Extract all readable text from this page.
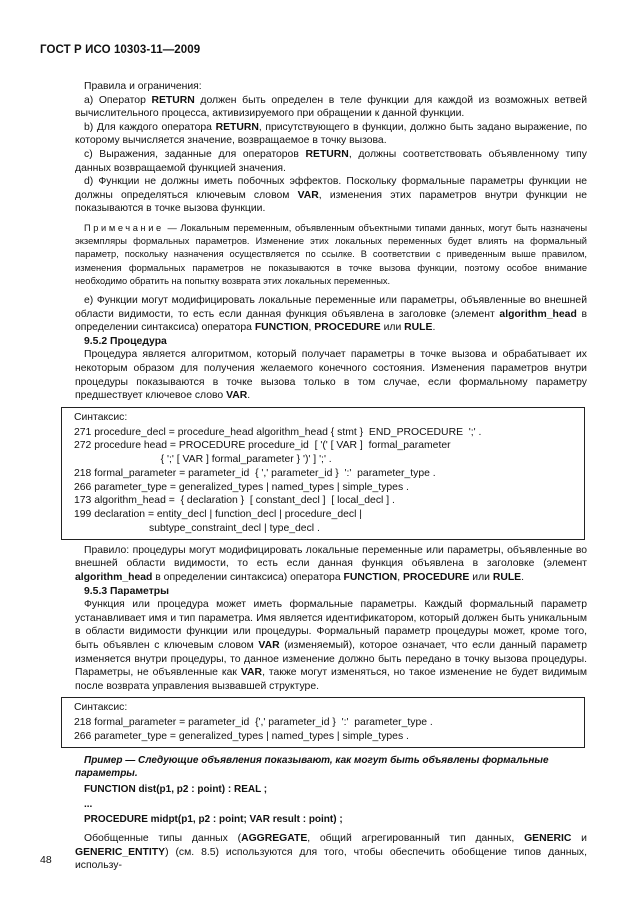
ГОСТ Р ИСО 10303-11—2009

Правила и ограничения:

а) Оператор RETURN должен быть определен в теле функции для каждой из возможных ветвей вычислительного процесса, активизируемого при обращении к данной функции.

b) Для каждого оператора RETURN, присутствующего в функции, должно быть задано выражение, по которому вычисляется значение, возвращаемое в точку вызова.

с) Выражения, заданные для операторов RETURN, должны соответствовать объявленному типу данных возвращаемой функцией значения.

d) Функции не должны иметь побочных эффектов. Поскольку формальные параметры функции не должны определяться ключевым словом VAR, изменения этих параметров внутри функции не показываются в точке вызова функции.

Примечание — Локальным переменным, объявленным объектными типами данных, могут быть назначены экземпляры формальных параметров. Изменение этих локальных переменных будет влиять на формальный параметр, поскольку назначения осуществляется по ссылке. В соответствии с приведенным выше правилом, изменения формальных параметров не показываются в точке вызова функции, поэтому особое внимание необходимо обратить на попытку возврата этих локальных переменных.

е) Функции могут модифицировать локальные переменные или параметры, объявленные во внешней области видимости, то есть если данная функция объявлена в заголовке (элемент algorithm_head в определении синтаксиса) оператора FUNCTION, PROCEDURE или RULE.

9.5.2 Процедура

Процедура является алгоритмом, который получает параметры в точке вызова и обрабатывает их некоторым образом для получения желаемого конечного состояния. Изменения параметров внутри процедуры показываются в точке вызова только в том случае, если формальному параметру предшествует ключевое слово VAR.

Синтаксис:
271 procedure_decl = procedure_head algorithm_head { stmt }  END_PROCEDURE  ';' .
272 procedure head = PROCEDURE procedure_id  [ '(' [ VAR ]  formal_parameter
{ ';' [ VAR ] formal_parameter } ')' ] ';' .
218 formal_parameter = parameter_id  { ',' parameter_id }  ':'  parameter_type .
266 parameter_type = generalized_types | named_types | simple_types .
173 algorithm_head =  { declaration }  [ constant_decl ]  [ local_decl ] .
199 declaration = entity_decl | function_decl | procedure_decl |
subtype_constraint_decl | type_decl .

Правило: процедуры могут модифицировать локальные переменные или параметры, объявленные во внешней области видимости, то есть если данная функция объявлена в заголовке (элемент algorithm_head в определении синтаксиса) оператора FUNCTION, PROCEDURE или RULE.

9.5.3 Параметры

Функция или процедура может иметь формальные параметры. Каждый формальный параметр устанавливает имя и тип параметра. Имя является идентификатором, который должен быть уникальным в области видимости функции или процедуры. Формальный параметр процедуры может, кроме того, быть объявлен с ключевым словом VAR (изменяемый), которое означает, что если данный параметр изменяется внутри процедуры, то данное изменение должно быть передано в точку вызова процедуры. Параметры, не объявленные как VAR, также могут изменяться, но такое изменение не будет видимым после возврата управления вызвавшей структуре.

Синтаксис:
218 formal_parameter = parameter_id  {',' parameter_id }  ':'  parameter_type .
266 parameter_type = generalized_types | named_types | simple_types .

Пример — Следующие объявления показывают, как могут быть объявлены формальные параметры.

FUNCTION dist(p1, p2 : point) : REAL ;
...
PROCEDURE midpt(p1, p2 : point; VAR result : point) ;

Обобщенные типы данных (AGGREGATE, общий агрегированный тип данных, GENERIC и GENERIC_ENTITY) (см. 8.5) используются для того, чтобы обеспечить обобщение типов данных, использу-

48
